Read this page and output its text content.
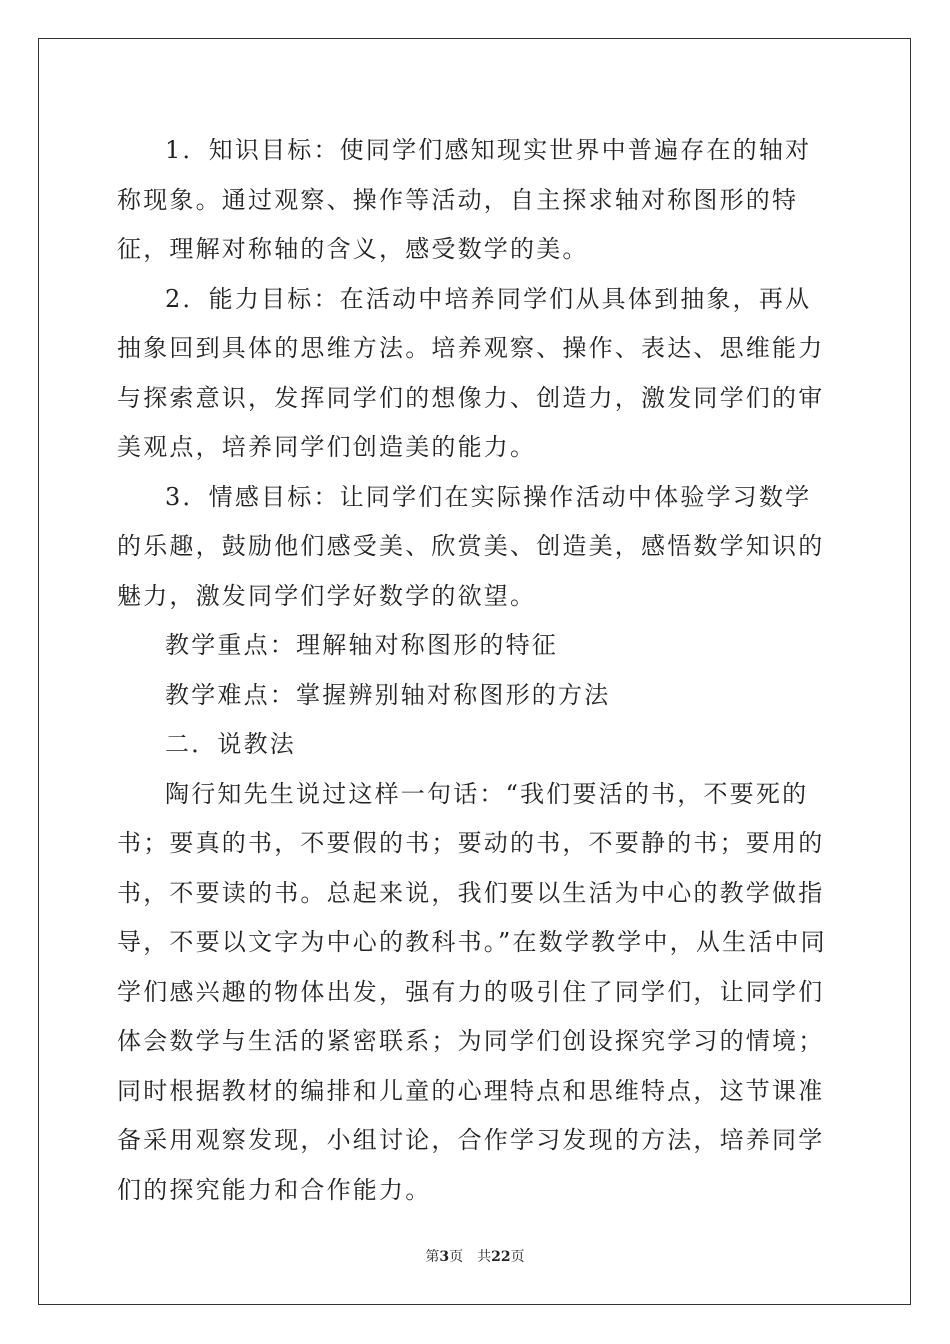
1．知识目标：使同学们感知现实世界中普遍存在的轴对称现象。通过观察、操作等活动，自主探求轴对称图形的特征，理解对称轴的含义，感受数学的美。

2．能力目标：在活动中培养同学们从具体到抽象，再从抽象回到具体的思维方法。培养观察、操作、表达、思维能力与探索意识，发挥同学们的想像力、创造力，激发同学们的审美观点，培养同学们创造美的能力。

3．情感目标：让同学们在实际操作活动中体验学习数学的乐趣，鼓励他们感受美、欣赏美、创造美，感悟数学知识的魅力，激发同学们学好数学的欲望。

教学重点：理解轴对称图形的特征

教学难点：掌握辨别轴对称图形的方法

二．说教法

陶行知先生说过这样一句话：“我们要活的书，不要死的书；要真的书，不要假的书；要动的书，不要静的书；要用的书，不要读的书。总起来说，我们要以生活为中心的教学做指导，不要以文字为中心的教科书。”在数学教学中，从生活中同学们感兴趣的物体出发，强有力的吸引住了同学们，让同学们体会数学与生活的紧密联系；为同学们创设探究学习的情境；同时根据教材的编排和儿童的心理特点和思维特点，这节课准备采用观察发现，小组讨论，合作学习发现的方法，培养同学们的探究能力和合作能力。

第3页 共22页
